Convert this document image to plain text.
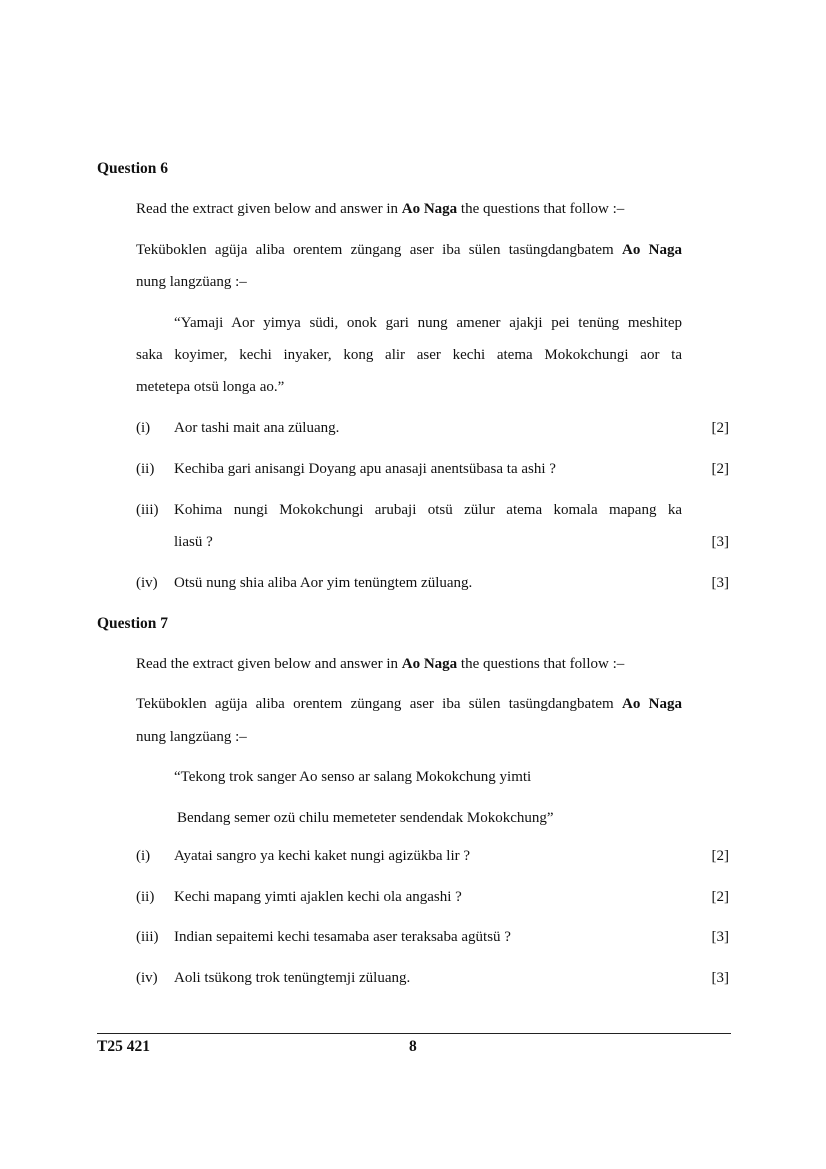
Question 6
Read the extract given below and answer in Ao Naga the questions that follow :–
Teküboklen agüja aliba orentem züngang aser iba sülen tasüngdangbatem Ao Naga
nung langzüang :–
“Yamaji Aor yimya südi, onok gari nung amener ajakji pei tenüng meshitep
saka koyimer, kechi inyaker, kong alir aser kechi atema Mokokchungi aor ta
metetepa otsü longa ao.”
(i) Aor tashi mait ana züluang.	[2]
(ii) Kechiba gari anisangi Doyang apu anasaji anentsübasa ta ashi ?	[2]
(iii) Kohima nungi Mokokchungi arubaji otsü zülur atema komala mapang ka
liasü ?	[3]
(iv) Otsü nung shia aliba Aor yim tenüngtem züluang.	[3]
Question 7
Read the extract given below and answer in Ao Naga the questions that follow :–
Teküboklen agüja aliba orentem züngang aser iba sülen tasüngdangbatem Ao Naga
nung langzüang :–
“Tekong trok sanger Ao senso ar salang Mokokchung yimti
Bendang semer ozü chilu memeteter sendendak Mokokchung”
(i) Ayatai sangro ya kechi kaket nungi agizükba lir ?	[2]
(ii) Kechi mapang yimti ajaklen kechi ola angashi ?	[2]
(iii) Indian sepaitemi kechi tesamaba aser teraksaba agütsü ?	[3]
(iv) Aoli tsükong trok tenüngtemji züluang.	[3]
T25 421	8
